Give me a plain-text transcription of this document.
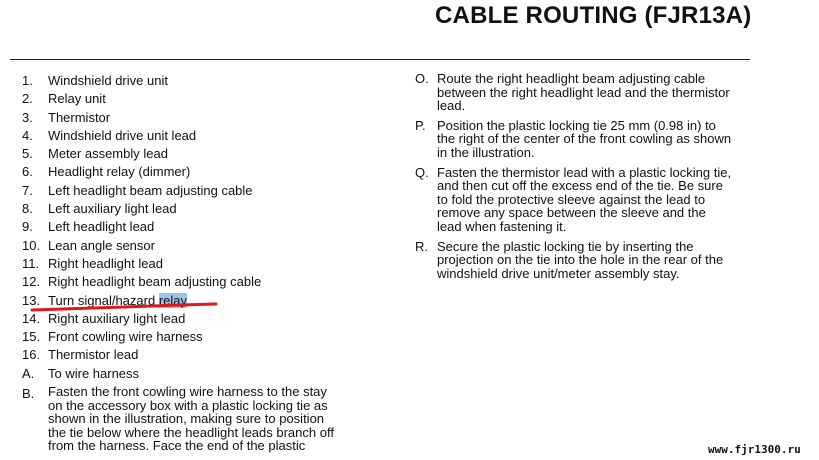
CABLE ROUTING (FJR13A)
1.	Windshield drive unit
2.	Relay unit
3.	Thermistor
4.	Windshield drive unit lead
5.	Meter assembly lead
6.	Headlight relay (dimmer)
7.	Left headlight beam adjusting cable
8.	Left auxiliary light lead
9.	Left headlight lead
10. Lean angle sensor
11. Right headlight lead
12. Right headlight beam adjusting cable
13. Turn signal/hazard relay
14. Right auxiliary light lead
15. Front cowling wire harness
16. Thermistor lead
A.	To wire harness
B.	Fasten the front cowling wire harness to the stay
on the accessory box with a plastic locking tie as
shown in the illustration, making sure to position
the tie below where the headlight leads branch off
from the harness. Face the end of the plastic
O. Route the right headlight beam adjusting cable
between the right headlight lead and the thermistor
lead.
P. Position the plastic locking tie 25 mm (0.98 in) to
the right of the center of the front cowling as shown
in the illustration.
Q. Fasten the thermistor lead with a plastic locking tie,
and then cut off the excess end of the tie. Be sure
to fold the protective sleeve against the lead to
remove any space between the sleeve and the
lead when fastening it.
R. Secure the plastic locking tie by inserting the
projection on the tie into the hole in the rear of the
windshield drive unit/meter assembly stay.
www.fjr1300.ru
